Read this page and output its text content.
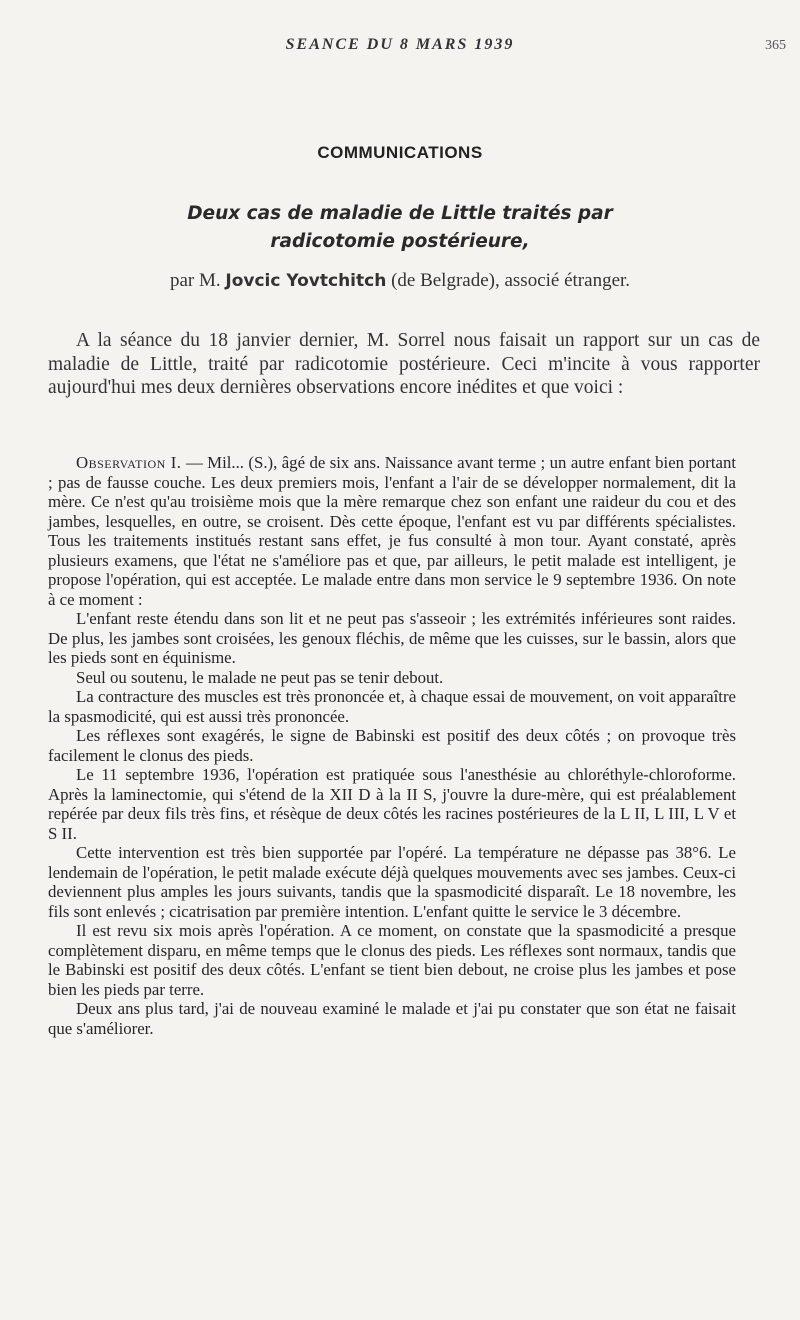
SEANCE DU 8 MARS 1939	365
COMMUNICATIONS
Deux cas de maladie de Little traités par
radicotomie postérieure,
par M. Jovcic Yovtchitch (de Belgrade), associé étranger.
A la séance du 18 janvier dernier, M. Sorrel nous faisait un rapport sur un cas de maladie de Little, traité par radicotomie postérieure. Ceci m'incite à vous rapporter aujourd'hui mes deux dernières observations encore inédites et que voici :

Observation I. — Mil... (S.), âgé de six ans. Naissance avant terme ; un autre enfant bien portant ; pas de fausse couche. Les deux premiers mois, l'enfant a l'air de se développer normalement, dit la mère. Ce n'est qu'au troisième mois que la mère remarque chez son enfant une raideur du cou et des jambes, lesquelles, en outre, se croisent. Dès cette époque, l'enfant est vu par différents spécialistes. Tous les traitements institués restant sans effet, je fus consulté à mon tour. Ayant constaté, après plusieurs examens, que l'état ne s'améliore pas et que, par ailleurs, le petit malade est intelligent, je propose l'opération, qui est acceptée. Le malade entre dans mon service le 9 septembre 1936. On note à ce moment :

L'enfant reste étendu dans son lit et ne peut pas s'asseoir ; les extrémités inférieures sont raides. De plus, les jambes sont croisées, les genoux fléchis, de même que les cuisses, sur le bassin, alors que les pieds sont en équinisme.

Seul ou soutenu, le malade ne peut pas se tenir debout.

La contracture des muscles est très prononcée et, à chaque essai de mouvement, on voit apparaître la spasmodicité, qui est aussi très prononcée.

Les réflexes sont exagérés, le signe de Babinski est positif des deux côtés ; on provoque très facilement le clonus des pieds.

Le 11 septembre 1936, l'opération est pratiquée sous l'anesthésie au chloréthyle-chloroforme. Après la laminectomie, qui s'étend de la XII D à la II S, j'ouvre la dure-mère, qui est préalablement repérée par deux fils très fins, et résèque de deux côtés les racines postérieures de la L II, L III, L V et S II.

Cette intervention est très bien supportée par l'opéré. La température ne dépasse pas 38°6. Le lendemain de l'opération, le petit malade exécute déjà quelques mouvements avec ses jambes. Ceux-ci deviennent plus amples les jours suivants, tandis que la spasmodicité disparaît. Le 18 novembre, les fils sont enlevés ; cicatrisation par première intention. L'enfant quitte le service le 3 décembre.

Il est revu six mois après l'opération. A ce moment, on constate que la spasmodicité a presque complètement disparu, en même temps que le clonus des pieds. Les réflexes sont normaux, tandis que le Babinski est positif des deux côtés. L'enfant se tient bien debout, ne croise plus les jambes et pose bien les pieds par terre.

Deux ans plus tard, j'ai de nouveau examiné le malade et j'ai pu constater que son état ne faisait que s'améliorer.
